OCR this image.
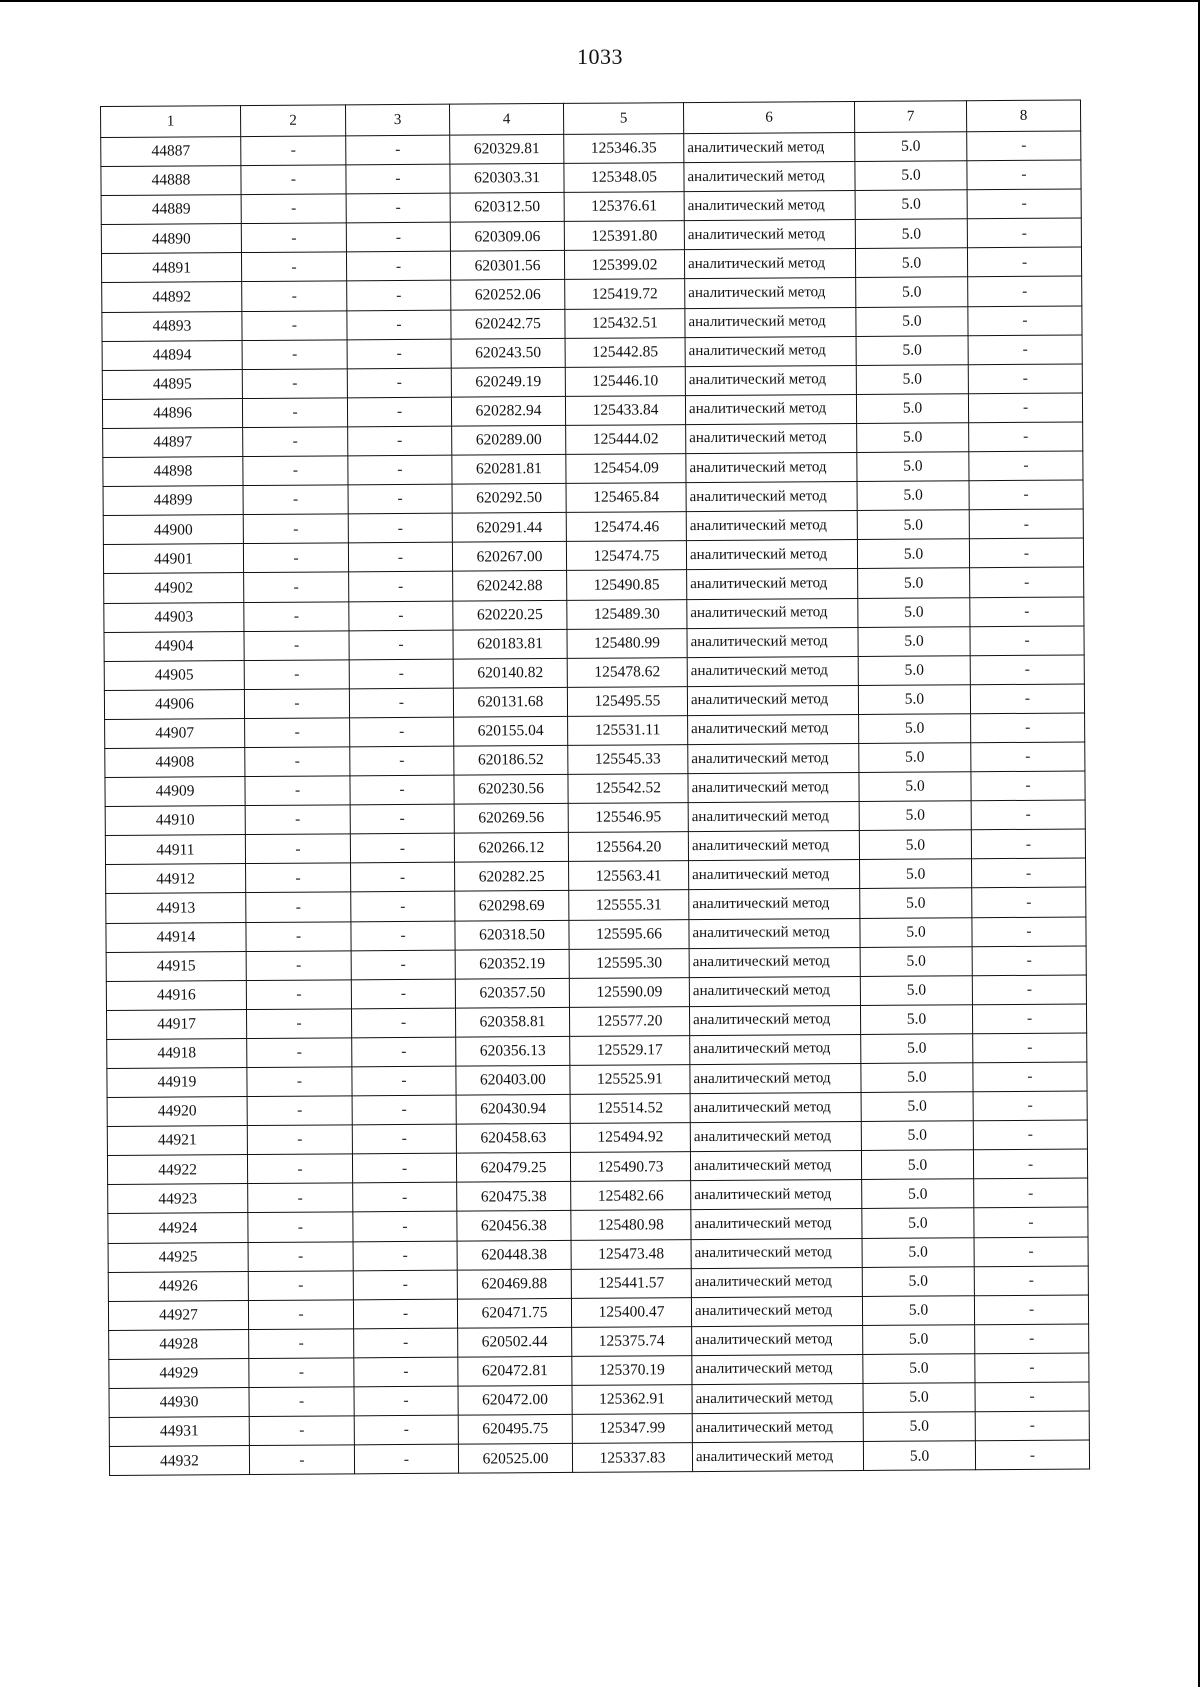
1033
1	2	3	4	5	6	7	8
44887	-	-	620329.81	125346.35	аналитический метод	5.0	-
44888	-	-	620303.31	125348.05	аналитический метод	5.0	-
44889	-	-	620312.50	125376.61	аналитический метод	5.0	-
44890	-	-	620309.06	125391.80	аналитический метод	5.0	-
44891	-	-	620301.56	125399.02	аналитический метод	5.0	-
44892	-	-	620252.06	125419.72	аналитический метод	5.0	-
44893	-	-	620242.75	125432.51	аналитический метод	5.0	-
44894	-	-	620243.50	125442.85	аналитический метод	5.0	-
44895	-	-	620249.19	125446.10	аналитический метод	5.0	-
44896	-	-	620282.94	125433.84	аналитический метод	5.0	-
44897	-	-	620289.00	125444.02	аналитический метод	5.0	-
44898	-	-	620281.81	125454.09	аналитический метод	5.0	-
44899	-	-	620292.50	125465.84	аналитический метод	5.0	-
44900	-	-	620291.44	125474.46	аналитический метод	5.0	-
44901	-	-	620267.00	125474.75	аналитический метод	5.0	-
44902	-	-	620242.88	125490.85	аналитический метод	5.0	-
44903	-	-	620220.25	125489.30	аналитический метод	5.0	-
44904	-	-	620183.81	125480.99	аналитический метод	5.0	-
44905	-	-	620140.82	125478.62	аналитический метод	5.0	-
44906	-	-	620131.68	125495.55	аналитический метод	5.0	-
44907	-	-	620155.04	125531.11	аналитический метод	5.0	-
44908	-	-	620186.52	125545.33	аналитический метод	5.0	-
44909	-	-	620230.56	125542.52	аналитический метод	5.0	-
44910	-	-	620269.56	125546.95	аналитический метод	5.0	-
44911	-	-	620266.12	125564.20	аналитический метод	5.0	-
44912	-	-	620282.25	125563.41	аналитический метод	5.0	-
44913	-	-	620298.69	125555.31	аналитический метод	5.0	-
44914	-	-	620318.50	125595.66	аналитический метод	5.0	-
44915	-	-	620352.19	125595.30	аналитический метод	5.0	-
44916	-	-	620357.50	125590.09	аналитический метод	5.0	-
44917	-	-	620358.81	125577.20	аналитический метод	5.0	-
44918	-	-	620356.13	125529.17	аналитический метод	5.0	-
44919	-	-	620403.00	125525.91	аналитический метод	5.0	-
44920	-	-	620430.94	125514.52	аналитический метод	5.0	-
44921	-	-	620458.63	125494.92	аналитический метод	5.0	-
44922	-	-	620479.25	125490.73	аналитический метод	5.0	-
44923	-	-	620475.38	125482.66	аналитический метод	5.0	-
44924	-	-	620456.38	125480.98	аналитический метод	5.0	-
44925	-	-	620448.38	125473.48	аналитический метод	5.0	-
44926	-	-	620469.88	125441.57	аналитический метод	5.0	-
44927	-	-	620471.75	125400.47	аналитический метод	5.0	-
44928	-	-	620502.44	125375.74	аналитический метод	5.0	-
44929	-	-	620472.81	125370.19	аналитический метод	5.0	-
44930	-	-	620472.00	125362.91	аналитический метод	5.0	-
44931	-	-	620495.75	125347.99	аналитический метод	5.0	-
44932	-	-	620525.00	125337.83	аналитический метод	5.0	-
